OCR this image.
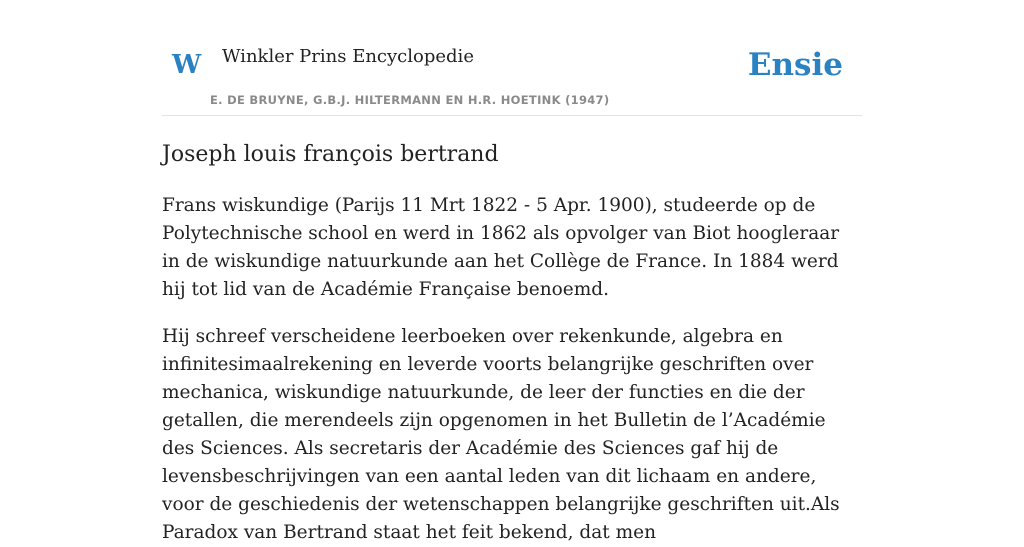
W Winkler Prins Encyclopedie
E. DE BRUYNE, G.B.J. HILTERMANN EN H.R. HOETINK (1947)
Ensie
Joseph louis françois bertrand

Frans wiskundige (Parijs 11 Mrt 1822 - 5 Apr. 1900), studeerde op de Polytechnische school en werd in 1862 als opvolger van Biot hoogleraar in de wiskundige natuurkunde aan het Collège de France. In 1884 werd hij tot lid van de Académie Française benoemd.

Hij schreef verscheidene leerboeken over rekenkunde, algebra en infinitesimaalrekening en leverde voorts belangrijke geschriften over mechanica, wiskundige natuurkunde, de leer der functies en die der getallen, die merendeels zijn opgenomen in het Bulletin de l’Académie des Sciences. Als secretaris der Académie des Sciences gaf hij de levensbeschrijvingen van een aantal leden van dit lichaam en andere, voor de geschiedenis der wetenschappen belangrijke geschriften uit.Als Paradox van Bertrand staat het feit bekend, dat men
